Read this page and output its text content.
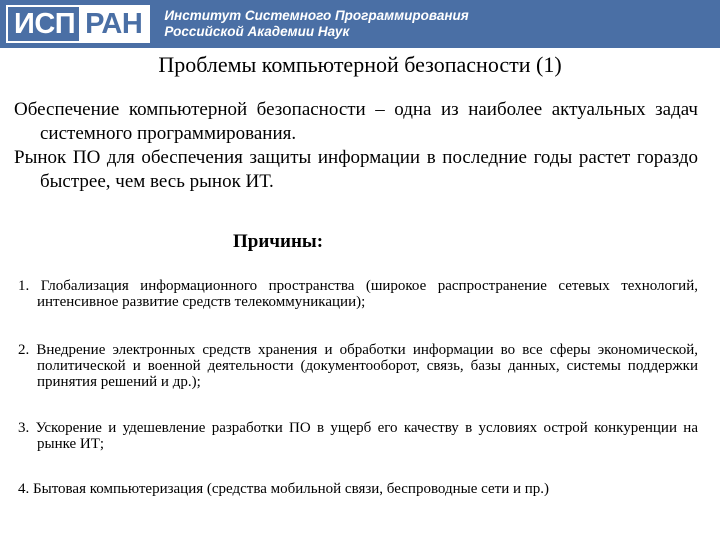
ИСП РАН	Институт Системного Программирования
Российской Академии Наук
Проблемы компьютерной безопасности (1)

Обеспечение компьютерной безопасности – одна из наиболее актуальных задач системного программирования.

Рынок ПО для обеспечения защиты информации в последние годы растет гораздо быстрее, чем весь рынок ИТ.

Причины:

1. Глобализация информационного пространства (широкое распространение сетевых технологий, интенсивное развитие средств телекоммуникации);

2. Внедрение электронных средств хранения и обработки информации во все сферы экономической, политической и военной деятельности (документооборот, связь, базы данных, системы поддержки принятия решений и др.);

3. Ускорение и удешевление разработки ПО в ущерб его качеству в условиях острой конкуренции на рынке ИТ;

4. Бытовая компьютеризация (средства мобильной связи, беспроводные сети и пр.)
